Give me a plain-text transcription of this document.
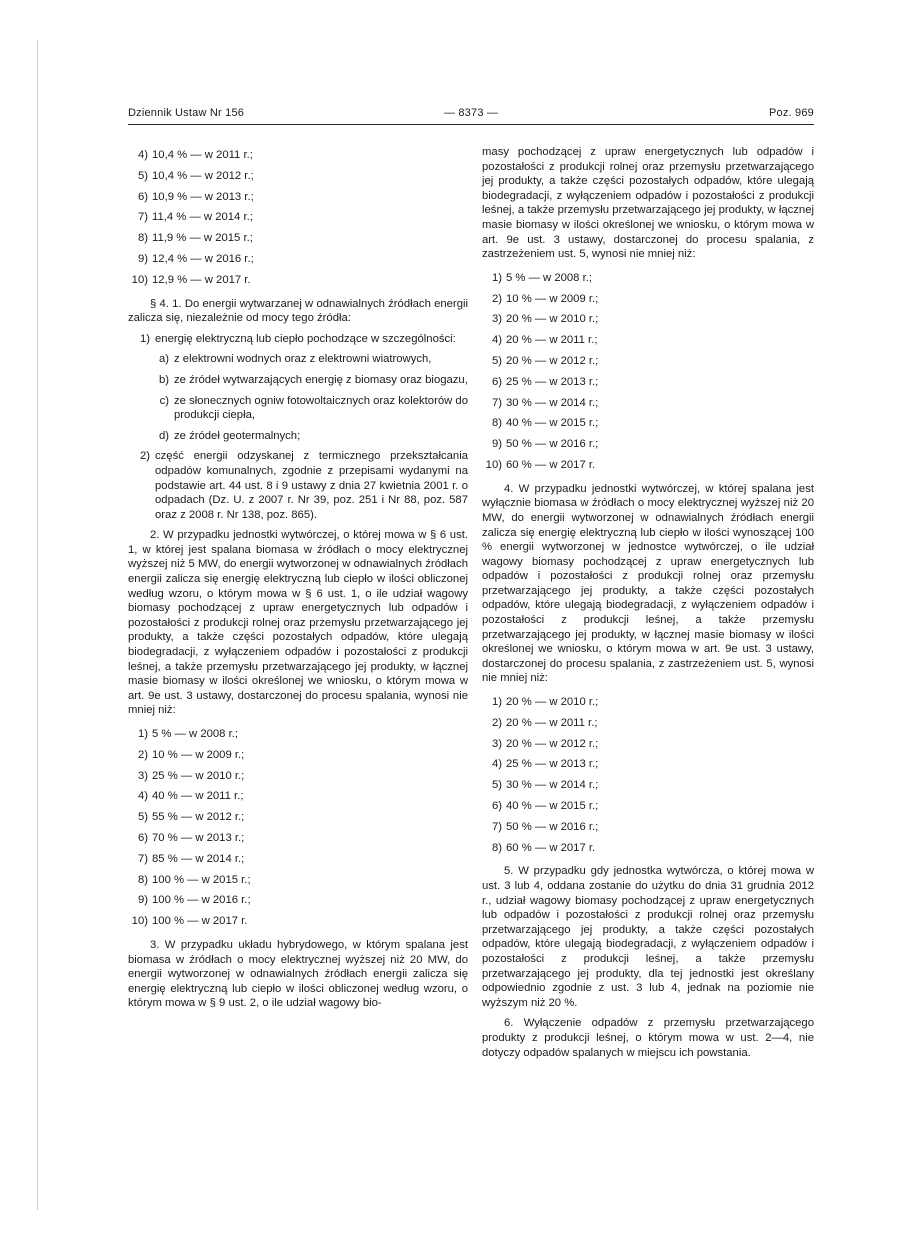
Dziennik Ustaw Nr 156	— 8373 —	Poz. 969
4) 10,4 % — w 2011 r.;
5) 10,4 % — w 2012 r.;
6) 10,9 % — w 2013 r.;
7) 11,4 % — w 2014 r.;
8) 11,9 % — w 2015 r.;
9) 12,4 % — w 2016 r.;
10) 12,9 % — w 2017 r.

§ 4. 1. Do energii wytwarzanej w odnawialnych źródłach energii zalicza się, niezależnie od mocy tego źródła:

1) energię elektryczną lub ciepło pochodzące w szczególności:
a) z elektrowni wodnych oraz z elektrowni wiatrowych,
b) ze źródeł wytwarzających energię z biomasy oraz biogazu,
c) ze słonecznych ogniw fotowoltaicznych oraz kolektorów do produkcji ciepła,
d) ze źródeł geotermalnych;
2) część energii odzyskanej z termicznego przekształcania odpadów komunalnych, zgodnie z przepisami wydanymi na podstawie art. 44 ust. 8 i 9 ustawy z dnia 27 kwietnia 2001 r. o odpadach (Dz. U. z 2007 r. Nr 39, poz. 251 i Nr 88, poz. 587 oraz z 2008 r. Nr 138, poz. 865).

2. W przypadku jednostki wytwórczej, o której mowa w § 6 ust. 1, w której jest spalana biomasa w źródłach o mocy elektrycznej wyższej niż 5 MW, do energii wytworzonej w odnawialnych źródłach energii zalicza się energię elektryczną lub ciepło w ilości obliczonej według wzoru, o którym mowa w § 6 ust. 1, o ile udział wagowy biomasy pochodzącej z upraw energetycznych lub odpadów i pozostałości z produkcji rolnej oraz przemysłu przetwarzającego jej produkty, a także części pozostałych odpadów, które ulegają biodegradacji, z wyłączeniem odpadów i pozostałości z produkcji leśnej, a także przemysłu przetwarzającego jej produkty, w łącznej masie biomasy w ilości określonej we wniosku, o którym mowa w art. 9e ust. 3 ustawy, dostarczonej do procesu spalania, wynosi nie mniej niż:

1) 5 % — w 2008 r.;
2) 10 % — w 2009 r.;
3) 25 % — w 2010 r.;
4) 40 % — w 2011 r.;
5) 55 % — w 2012 r.;
6) 70 % — w 2013 r.;
7) 85 % — w 2014 r.;
8) 100 % — w 2015 r.;
9) 100 % — w 2016 r.;
10) 100 % — w 2017 r.

3. W przypadku układu hybrydowego, w którym spalana jest biomasa w źródłach o mocy elektrycznej wyższej niż 20 MW, do energii wytworzonej w odnawialnych źródłach energii zalicza się energię elektryczną lub ciepło w ilości obliczonej według wzoru, o którym mowa w § 9 ust. 2, o ile udział wagowy bio-

masy pochodzącej z upraw energetycznych lub odpadów i pozostałości z produkcji rolnej oraz przemysłu przetwarzającego jej produkty, a także części pozostałych odpadów, które ulegają biodegradacji, z wyłączeniem odpadów i pozostałości z produkcji leśnej, a także przemysłu przetwarzającego jej produkty, w łącznej masie biomasy w ilości określonej we wniosku, o którym mowa w art. 9e ust. 3 ustawy, dostarczonej do procesu spalania, z zastrzeżeniem ust. 5, wynosi nie mniej niż:

1) 5 % — w 2008 r.;
2) 10 % — w 2009 r.;
3) 20 % — w 2010 r.;
4) 20 % — w 2011 r.;
5) 20 % — w 2012 r.;
6) 25 % — w 2013 r.;
7) 30 % — w 2014 r.;
8) 40 % — w 2015 r.;
9) 50 % — w 2016 r.;
10) 60 % — w 2017 r.

4. W przypadku jednostki wytwórczej, w której spalana jest wyłącznie biomasa w źródłach o mocy elektrycznej wyższej niż 20 MW, do energii wytworzonej w odnawialnych źródłach energii zalicza się energię elektryczną lub ciepło w ilości wynoszącej 100 % energii wytworzonej w jednostce wytwórczej, o ile udział wagowy biomasy pochodzącej z upraw energetycznych lub odpadów i pozostałości z produkcji rolnej oraz przemysłu przetwarzającego jej produkty, a także części pozostałych odpadów, które ulegają biodegradacji, z wyłączeniem odpadów i pozostałości z produkcji leśnej, a także przemysłu przetwarzającego jej produkty, w łącznej masie biomasy w ilości określonej we wniosku, o którym mowa w art. 9e ust. 3 ustawy, dostarczonej do procesu spalania, z zastrzeżeniem ust. 5, wynosi nie mniej niż:

1) 20 % — w 2010 r.;
2) 20 % — w 2011 r.;
3) 20 % — w 2012 r.;
4) 25 % — w 2013 r.;
5) 30 % — w 2014 r.;
6) 40 % — w 2015 r.;
7) 50 % — w 2016 r.;
8) 60 % — w 2017 r.

5. W przypadku gdy jednostka wytwórcza, o której mowa w ust. 3 lub 4, oddana zostanie do użytku do dnia 31 grudnia 2012 r., udział wagowy biomasy pochodzącej z upraw energetycznych lub odpadów i pozostałości z produkcji rolnej oraz przemysłu przetwarzającego jej produkty, a także części pozostałych odpadów, które ulegają biodegradacji, z wyłączeniem odpadów i pozostałości z produkcji leśnej, a także przemysłu przetwarzającego jej produkty, dla tej jednostki jest określany odpowiednio zgodnie z ust. 3 lub 4, jednak na poziomie nie wyższym niż 20 %.

6. Wyłączenie odpadów z przemysłu przetwarzającego produkty z produkcji leśnej, o którym mowa w ust. 2—4, nie dotyczy odpadów spalanych w miejscu ich powstania.
